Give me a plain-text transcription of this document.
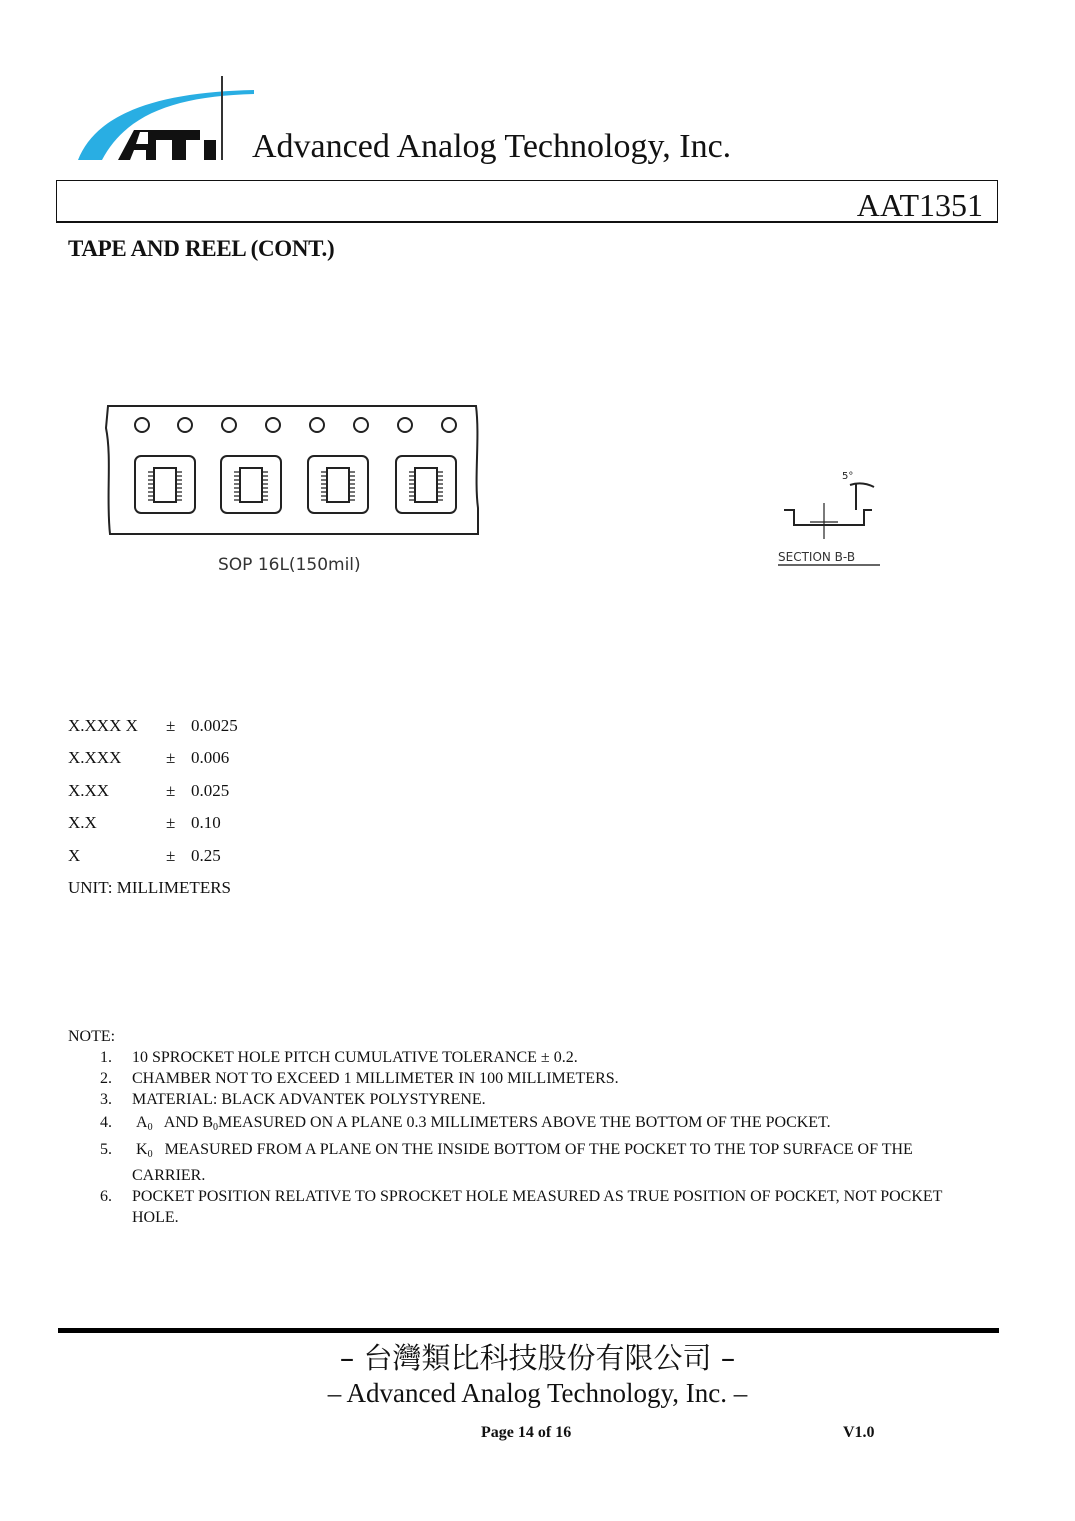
Advanced Analog Technology, Inc.
AAT1351
TAPE AND REEL (CONT.)
SOP 16L(150mil)
5°
SECTION B-B
X.XXX X ± 0.0025
X.XXX	± 0.006
X.XX	± 0.025
X.X	± 0.10
X	± 0.25
UNIT: MILLIMETERS
NOTE:
1. 10 SPROCKET HOLE PITCH CUMULATIVE TOLERANCE ± 0.2.
2. CHAMBER NOT TO EXCEED 1 MILLIMETER IN 100 MILLIMETERS.
3. MATERIAL: BLACK ADVANTEK POLYSTYRENE.
4. $A_0$ AND $B_0MEASURED$ ON A PLANE 0.3 MILLIMETERS ABOVE THE BOTTOM OF THE POCKET.
5. $K_0$ MEASURED FROM A PLANE ON THE INSIDE BOTTOM OF THE POCKET TO THE TOP SURFACE OF THE
CARRIER.
6. POCKET POSITION RELATIVE TO SPROCKET HOLE MEASURED AS TRUE POSITION OF POCKET, NOT POCKET
HOLE.
– 台灣類比科技股份有限公司 –
– Advanced Analog Technology, Inc. –
Page 14 of 16	V1.0
